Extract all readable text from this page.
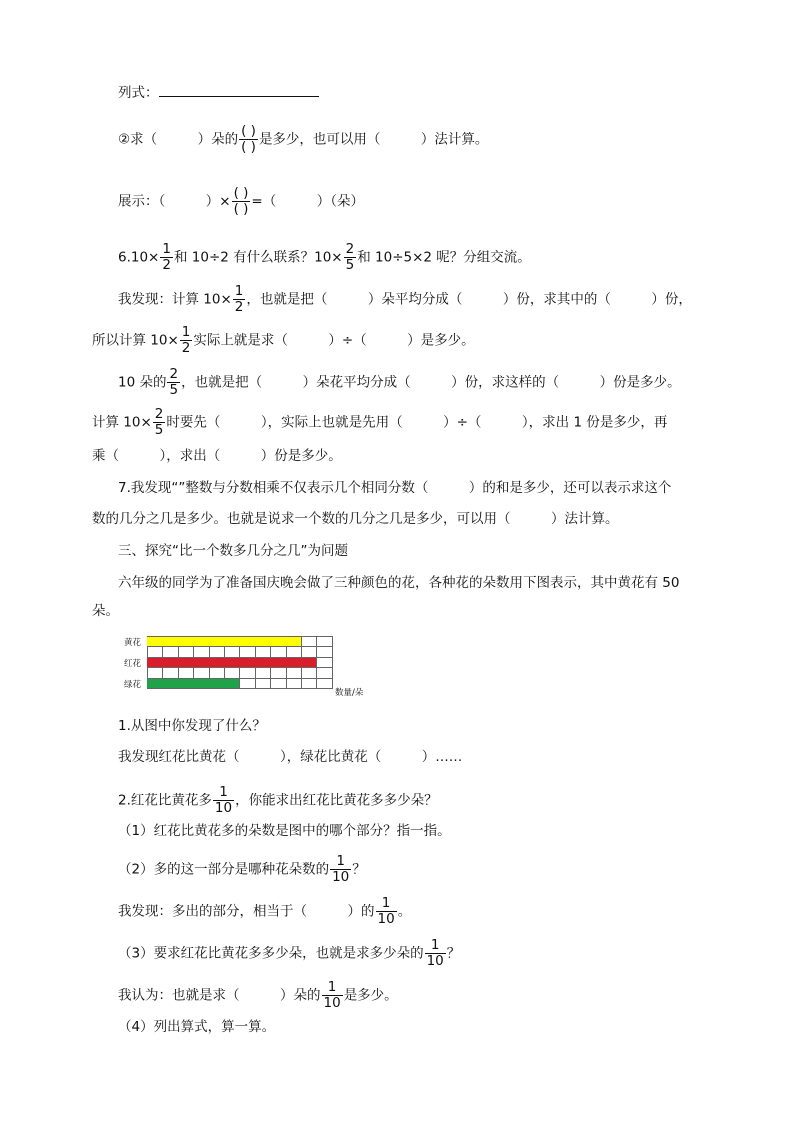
列式：
②求（　　　）朵的 $\frac{( )}{( )}$ 是多少，也可以用（　　　）法计算。
展示：（　　　）× $\frac{( )}{( )}$ =（　　　）（朵）
$6.10\times \frac{1}{2}$ 和 10÷2 有什么联系？$10\times \frac{2}{5}$ 和 10÷5×2 呢？分组交流。
我发现：计算 $10\times \frac{1}{2}$ ，也就是把（　　　）朵平均分成（　　　）份，求其中的（　　　）份，
所以计算 $10\times \frac{1}{2}$ 实际上就是求（　　　）÷（　　　）是多少。
10 朵的 $\frac{2}{5}$ ，也就是把（　　　）朵花平均分成（　　　）份，求这样的（　　　）份是多少。
计算 $10\times \frac{2}{5}$ 时要先（　　　），实际上也就是先用（　　　）÷（　　　），求出 1 份是多少，再
乘（　　　），求出（　　　）份是多少。
7.我发现“”整数与分数相乘不仅表示几个相同分数（　　　）的和是多少，还可以表示求这个
数的几分之几是多少。也就是说求一个数的几分之几是多少，可以用（　　　）法计算。
三、探究“比一个数多几分之几”为问题
六年级的同学为了准备国庆晚会做了三种颜色的花，各种花的朵数用下图表示，其中黄花有 50
朵。
黄花
红花
绿花
数量/朵
1.从图中你发现了什么？
我发现红花比黄花（　　　），绿花比黄花（　　　）……
2.红花比黄花多 $\frac{1}{10}$ ，你能求出红花比黄花多多少朵？
（1）红花比黄花多的朵数是图中的哪个部分？指一指。
（2）多的这一部分是哪种花朵数的 $\frac{1}{10}$ ？
我发现：多出的部分，相当于（　　　）的 $\frac{1}{10}$ 。
（3）要求红花比黄花多多少朵，也就是求多少朵的 $\frac{1}{10}$ ？
我认为：也就是求（　　　）朵的 $\frac{1}{10}$ 是多少。
（4）列出算式，算一算。
